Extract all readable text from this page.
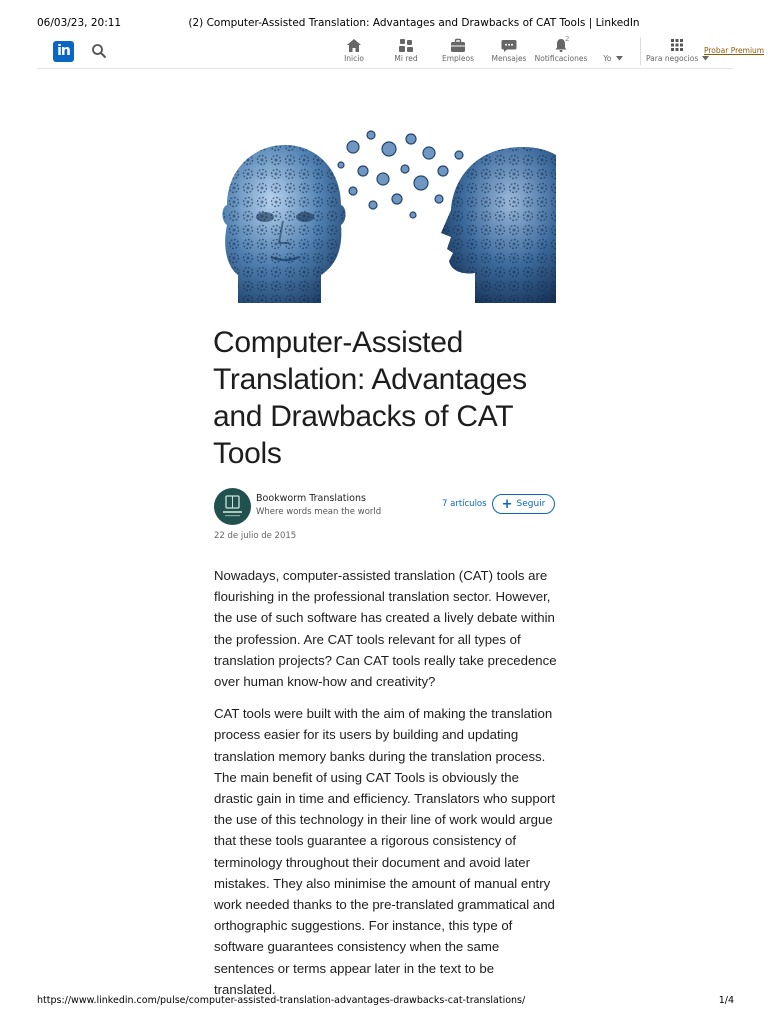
06/03/23, 20:11	(2) Computer-Assisted Translation: Advantages and Drawbacks of CAT Tools | LinkedIn
in	Inicio	Mi red	Empleos	Mensajes
2
Notificaciones	Yo	Para negocios
Probar Premium
Computer-Assisted Translation: Advantages and Drawbacks of CAT Tools
Bookworm Translations
Where words mean the world
7 artículos + Seguir
22 de julio de 2015

Nowadays, computer-assisted translation (CAT) tools are flourishing in the professional translation sector. However, the use of such software has created a lively debate within the profession. Are CAT tools relevant for all types of translation projects? Can CAT tools really take precedence over human know-how and creativity?

CAT tools were built with the aim of making the translation process easier for its users by building and updating translation memory banks during the translation process. The main benefit of using CAT Tools is obviously the drastic gain in time and efficiency. Translators who support the use of this technology in their line of work would argue that these tools guarantee a rigorous consistency of terminology throughout their document and avoid later mistakes. They also minimise the amount of manual entry work needed thanks to the pre-translated grammatical and orthographic suggestions. For instance, this type of software guarantees consistency when the same sentences or terms appear later in the text to be translated.

https://www.linkedin.com/pulse/computer-assisted-translation-advantages-drawbacks-cat-translations/	1/4
